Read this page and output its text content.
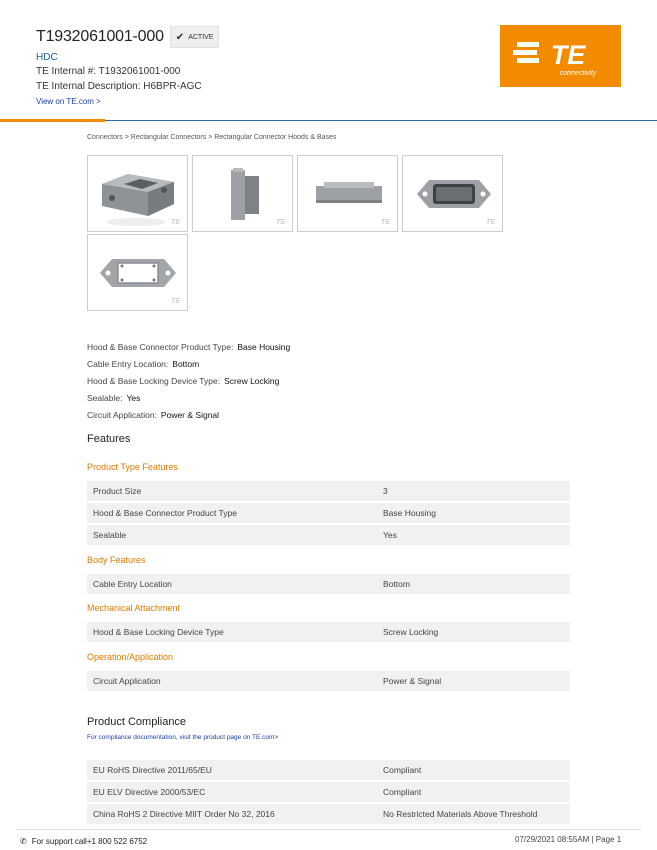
T1932061001-000 ✔ ACTIVE
HDC
TE Internal #: T1932061001-000
TE Internal Description: H6BPR-AGC
View on TE.com >
TE
connectivity
Connectors > Rectangular Connectors > Rectangular Connector Hoods & Bases
TE	TE	TE	TE
TE
Hood & Base Connector Product Type: Base Housing
Cable Entry Location: Bottom
Hood & Base Locking Device Type: Screw Locking
Sealable: Yes
Circuit Application: Power & Signal
Features
Product Type Features
Product Size	3
Hood & Base Connector Product Type	Base Housing
Sealable	Yes
Body Features
Cable Entry Location	Bottom
Mechanical Attachment
Hood & Base Locking Device Type	Screw Locking
Operation/Application
Circuit Application	Power & Signal
Product Compliance
For compliance documentation, visit the product page on TE.com>
EU RoHS Directive 2011/65/EU	Compliant
EU ELV Directive 2000/53/EC	Compliant
China RoHS 2 Directive MIIT Order No 32, 2016	No Restricted Materials Above Threshold
✆ For support call+1 800 522 6752	07/29/2021 08:55AM | Page 1
